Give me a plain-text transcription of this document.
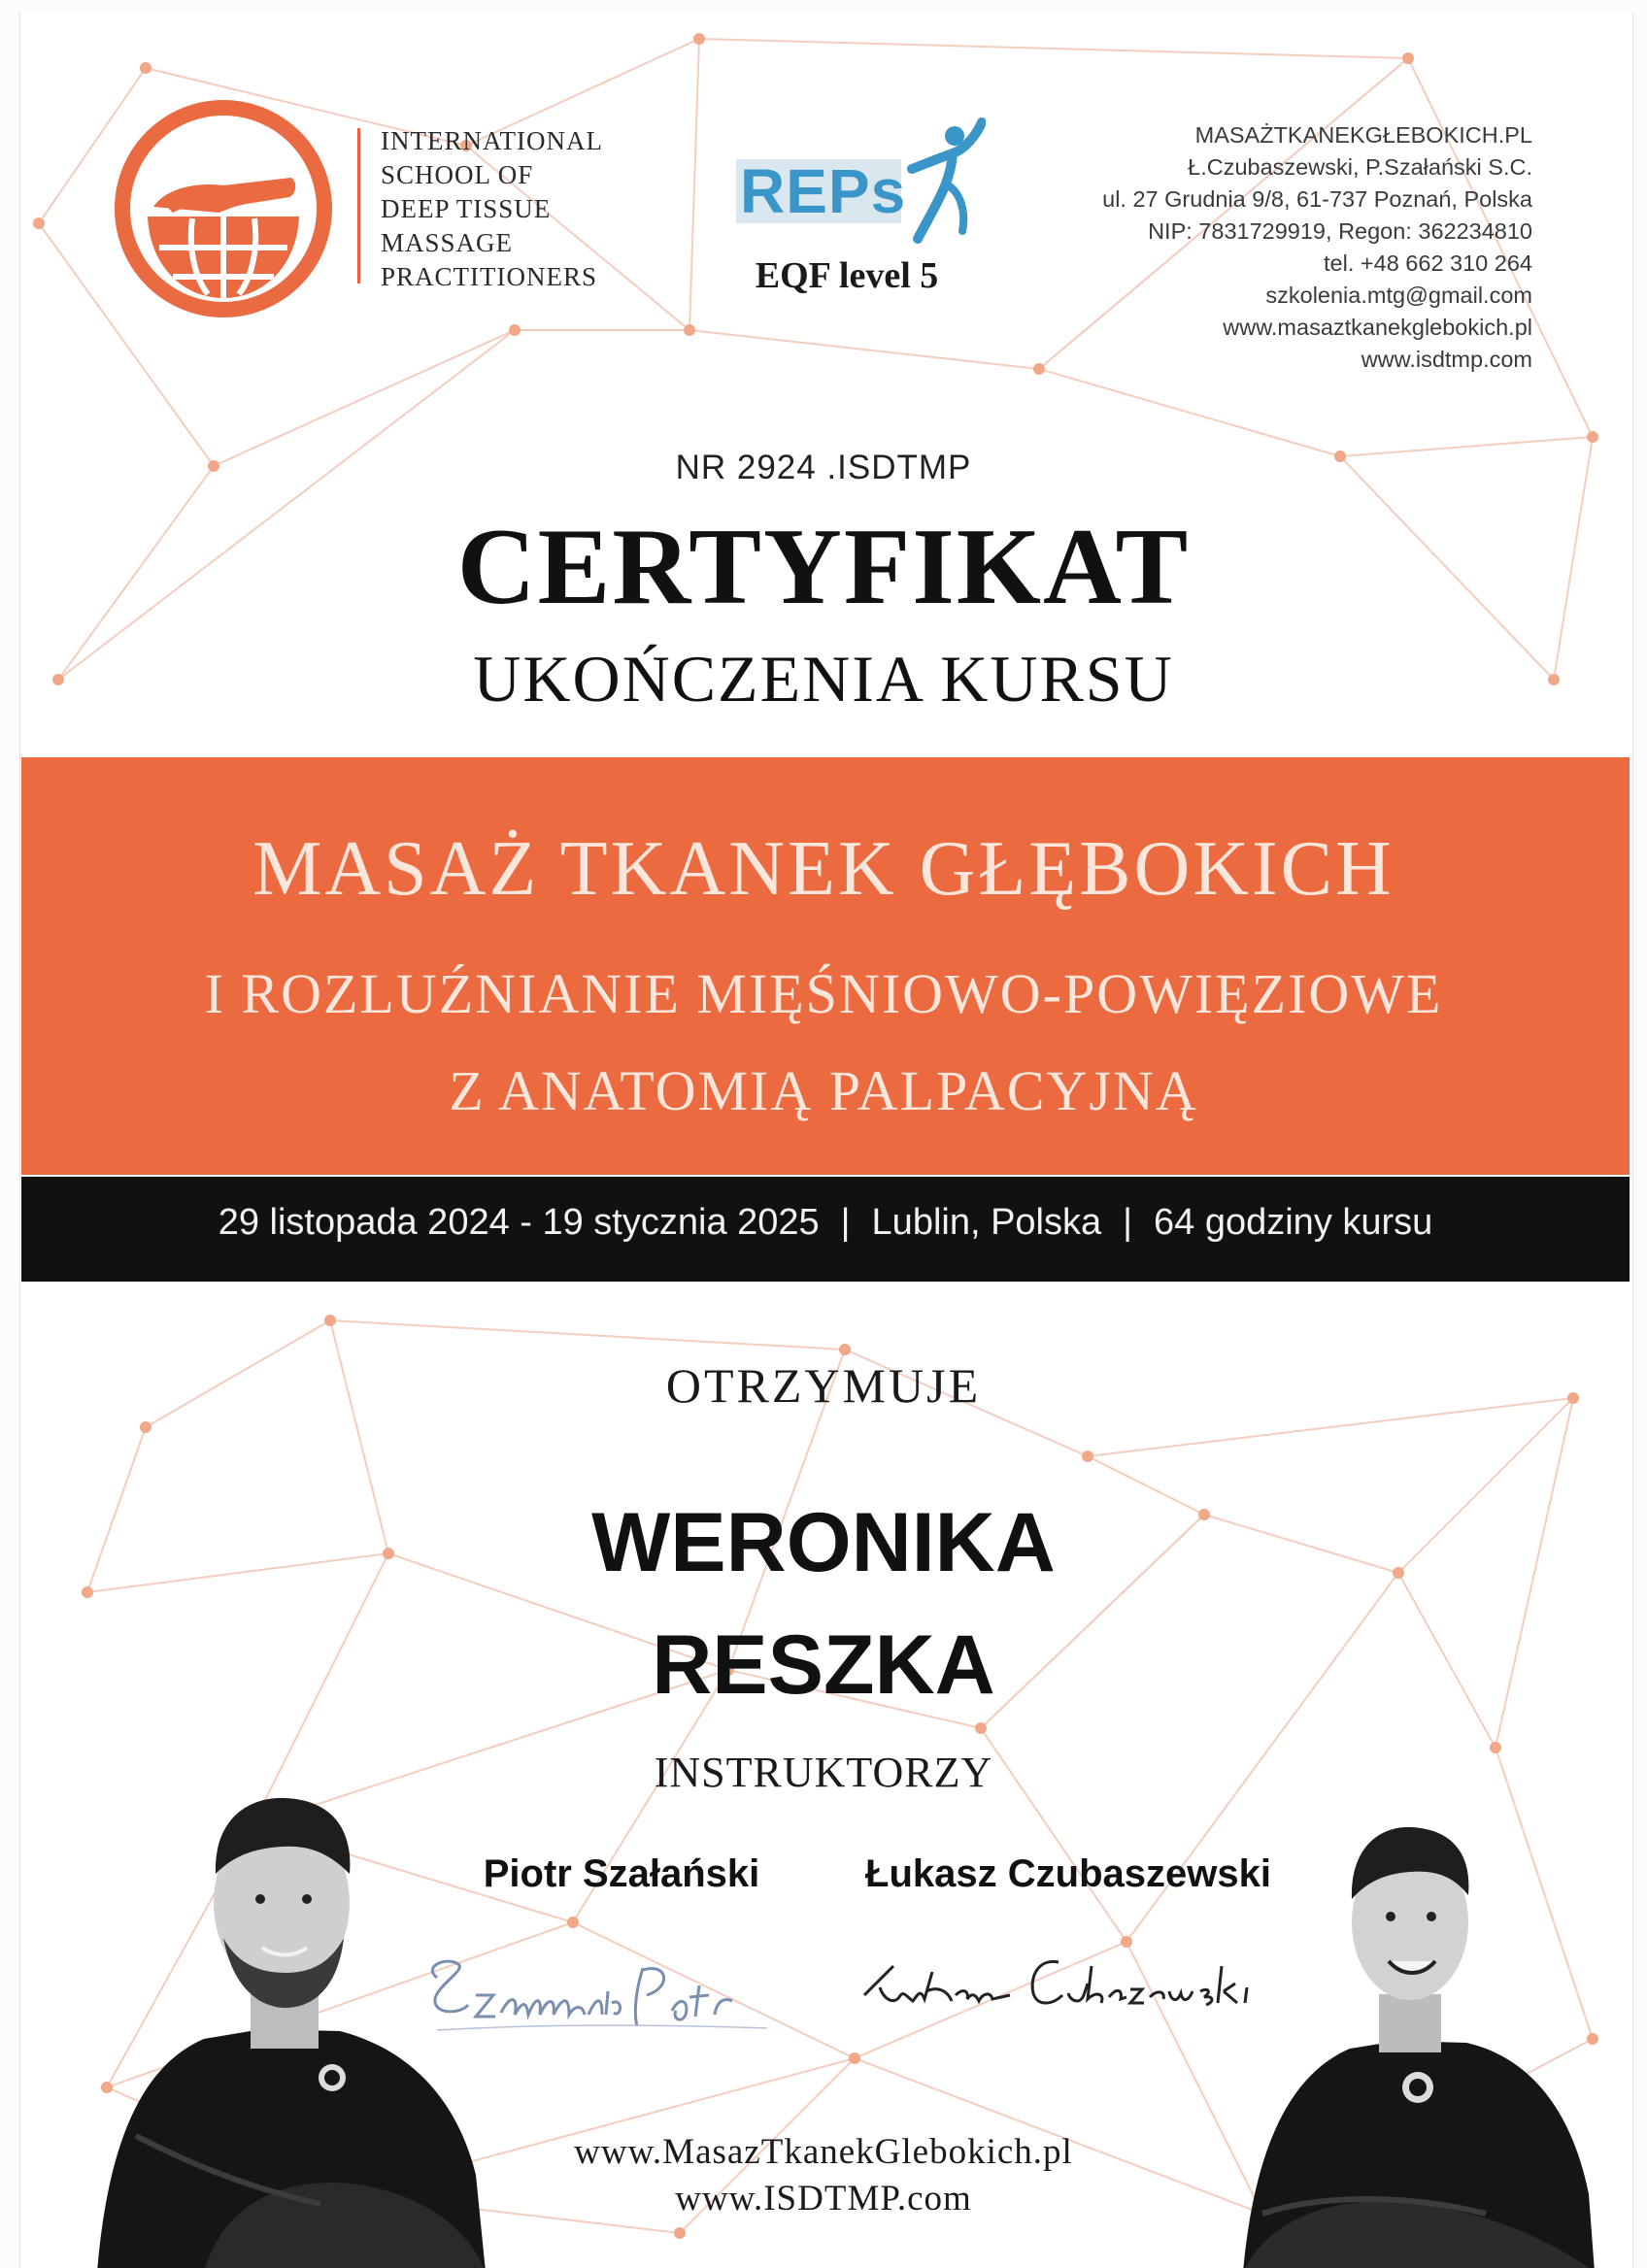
INTERNATIONAL
SCHOOL OF
DEEP TISSUE
MASSAGE
PRACTITIONERS
REPs
EQF level 5
MASAŻTKANEKGŁEBOKICH.PL
Ł.Czubaszewski, P.Szałański S.C.
ul. 27 Grudnia 9/8, 61-737 Poznań, Polska
NIP: 7831729919, Regon: 362234810
tel. +48 662 310 264
szkolenia.mtg@gmail.com
www.masaztkanekglebokich.pl
www.isdtmp.com
NR 2924 .ISDTMP
CERTYFIKAT
UKOŃCZENIA KURSU
MASAŻ TKANEK GŁĘBOKICH
I ROZLUŹNIANIE MIĘŚNIOWO-POWIĘZIOWE
Z ANATOMIĄ PALPACYJNĄ
29 listopada 2024 - 19 stycznia 2025 | Lublin, Polska | 64 godziny kursu
OTRZYMUJE
WERONIKA
RESZKA
INSTRUKTORZY
Piotr Szałański	Łukasz Czubaszewski
www.MasazTkanekGlebokich.pl
www.ISDTMP.com
